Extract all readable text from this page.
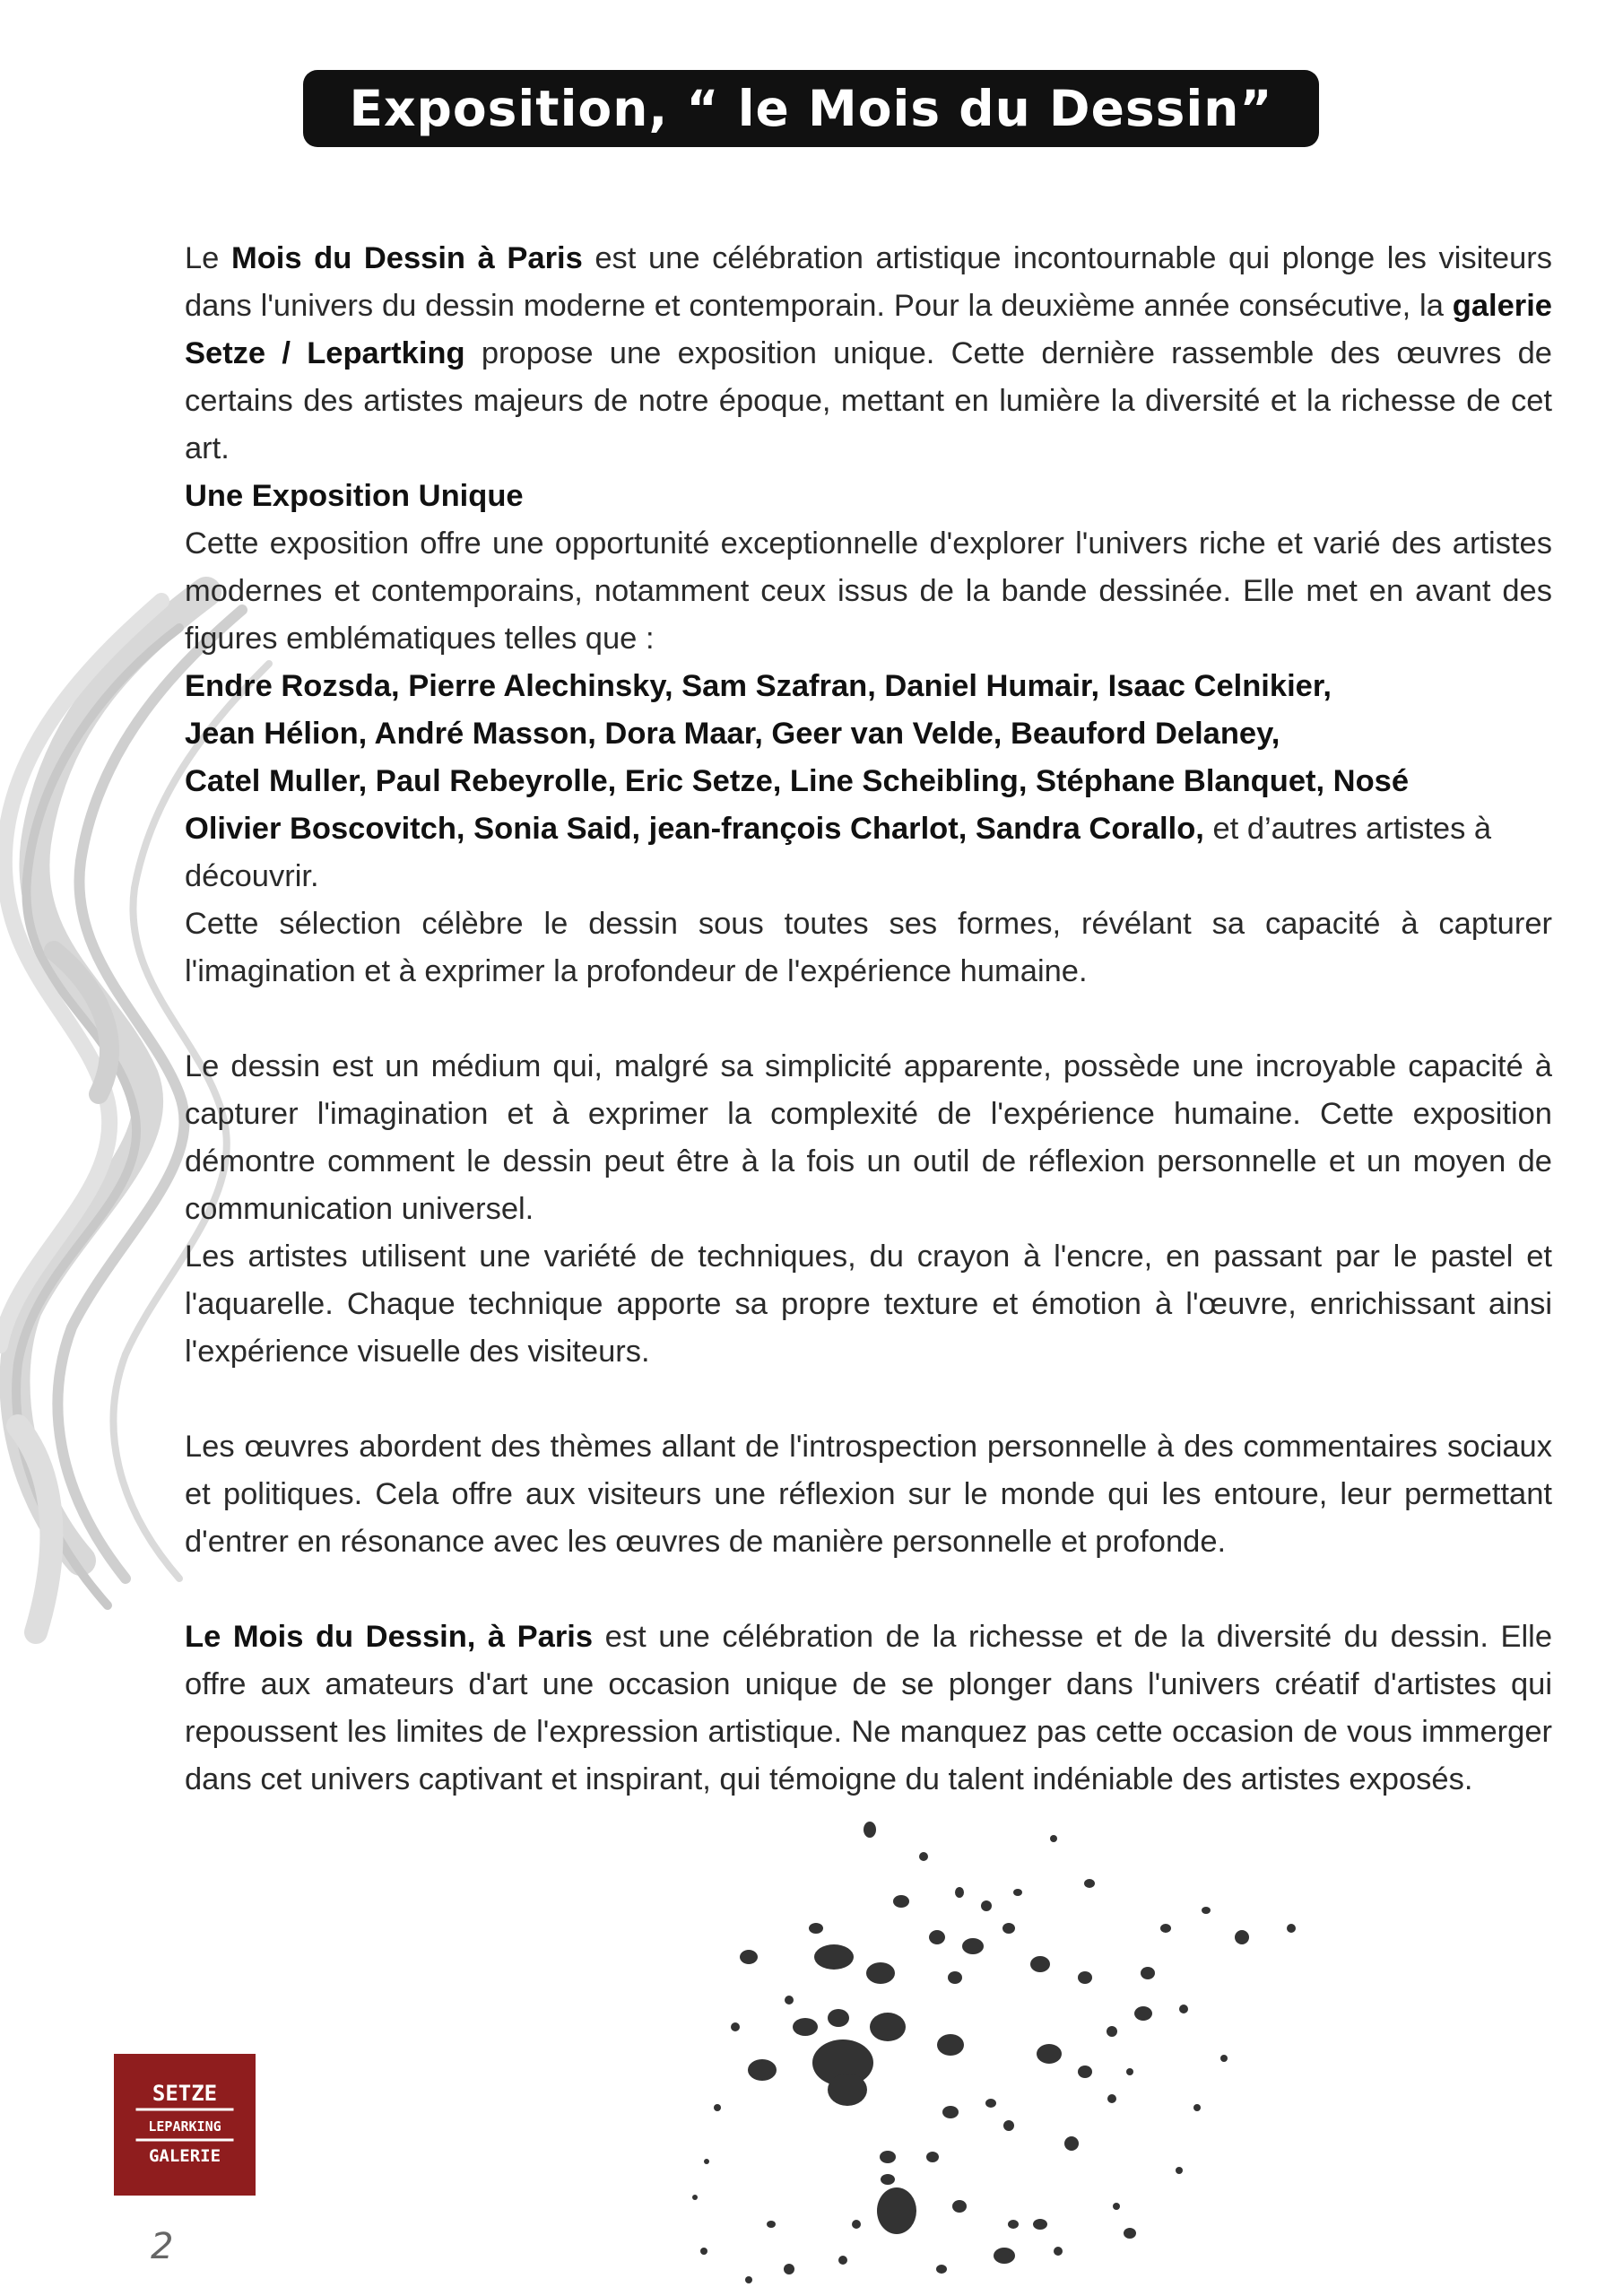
Exposition, “ le Mois du Dessin”

Le Mois du Dessin à Paris est une célébration artistique incontournable qui plonge les visiteurs dans l'univers du dessin moderne et contemporain. Pour la deuxième année consécutive, la galerie Setze / Lepartking propose une exposition unique. Cette dernière rassemble des œuvres de certains des artistes majeurs de notre époque, mettant en lumière la diversité et la richesse de cet art.

Une Exposition Unique

Cette exposition offre une opportunité exceptionnelle d'explorer l'univers riche et varié des artistes modernes et contemporains, notamment ceux issus de la bande dessinée. Elle met en avant des figures emblématiques telles que :

Endre Rozsda, Pierre Alechinsky, Sam Szafran, Daniel Humair, Isaac Celnikier,
Jean Hélion, André Masson, Dora Maar, Geer van Velde, Beauford Delaney,
Catel Muller, Paul Rebeyrolle, Eric Setze, Line Scheibling, Stéphane Blanquet, Nosé
Olivier Boscovitch, Sonia Said, jean-françois Charlot, Sandra Corallo, et d’autres artistes à découvrir.

Cette sélection célèbre le dessin sous toutes ses formes, révélant sa capacité à capturer l'imagination et à exprimer la profondeur de l'expérience humaine.

Le dessin est un médium qui, malgré sa simplicité apparente, possède une incroyable capacité à capturer l'imagination et à exprimer la complexité de l'expérience humaine. Cette exposition démontre comment le dessin peut être à la fois un outil de réflexion personnelle et un moyen de communication universel.

Les artistes utilisent une variété de techniques, du crayon à l'encre, en passant par le pastel et l'aquarelle. Chaque technique apporte sa propre texture et émotion à l'œuvre, enrichissant ainsi l'expérience visuelle des visiteurs.

Les œuvres abordent des thèmes allant de l'introspection personnelle à des commentaires sociaux et politiques. Cela offre aux visiteurs une réflexion sur le monde qui les entoure, leur permettant d'entrer en résonance avec les œuvres de manière personnelle et profonde.

Le Mois du Dessin, à Paris est une célébration de la richesse et de la diversité du dessin. Elle offre aux amateurs d'art une occasion unique de se plonger dans l'univers créatif d'artistes qui repoussent les limites de l'expression artistique. Ne manquez pas cette occasion de vous immerger dans cet univers captivant et inspirant, qui témoigne du talent indéniable des artistes exposés.

SETZE
LEPARKING
GALERIE
2
